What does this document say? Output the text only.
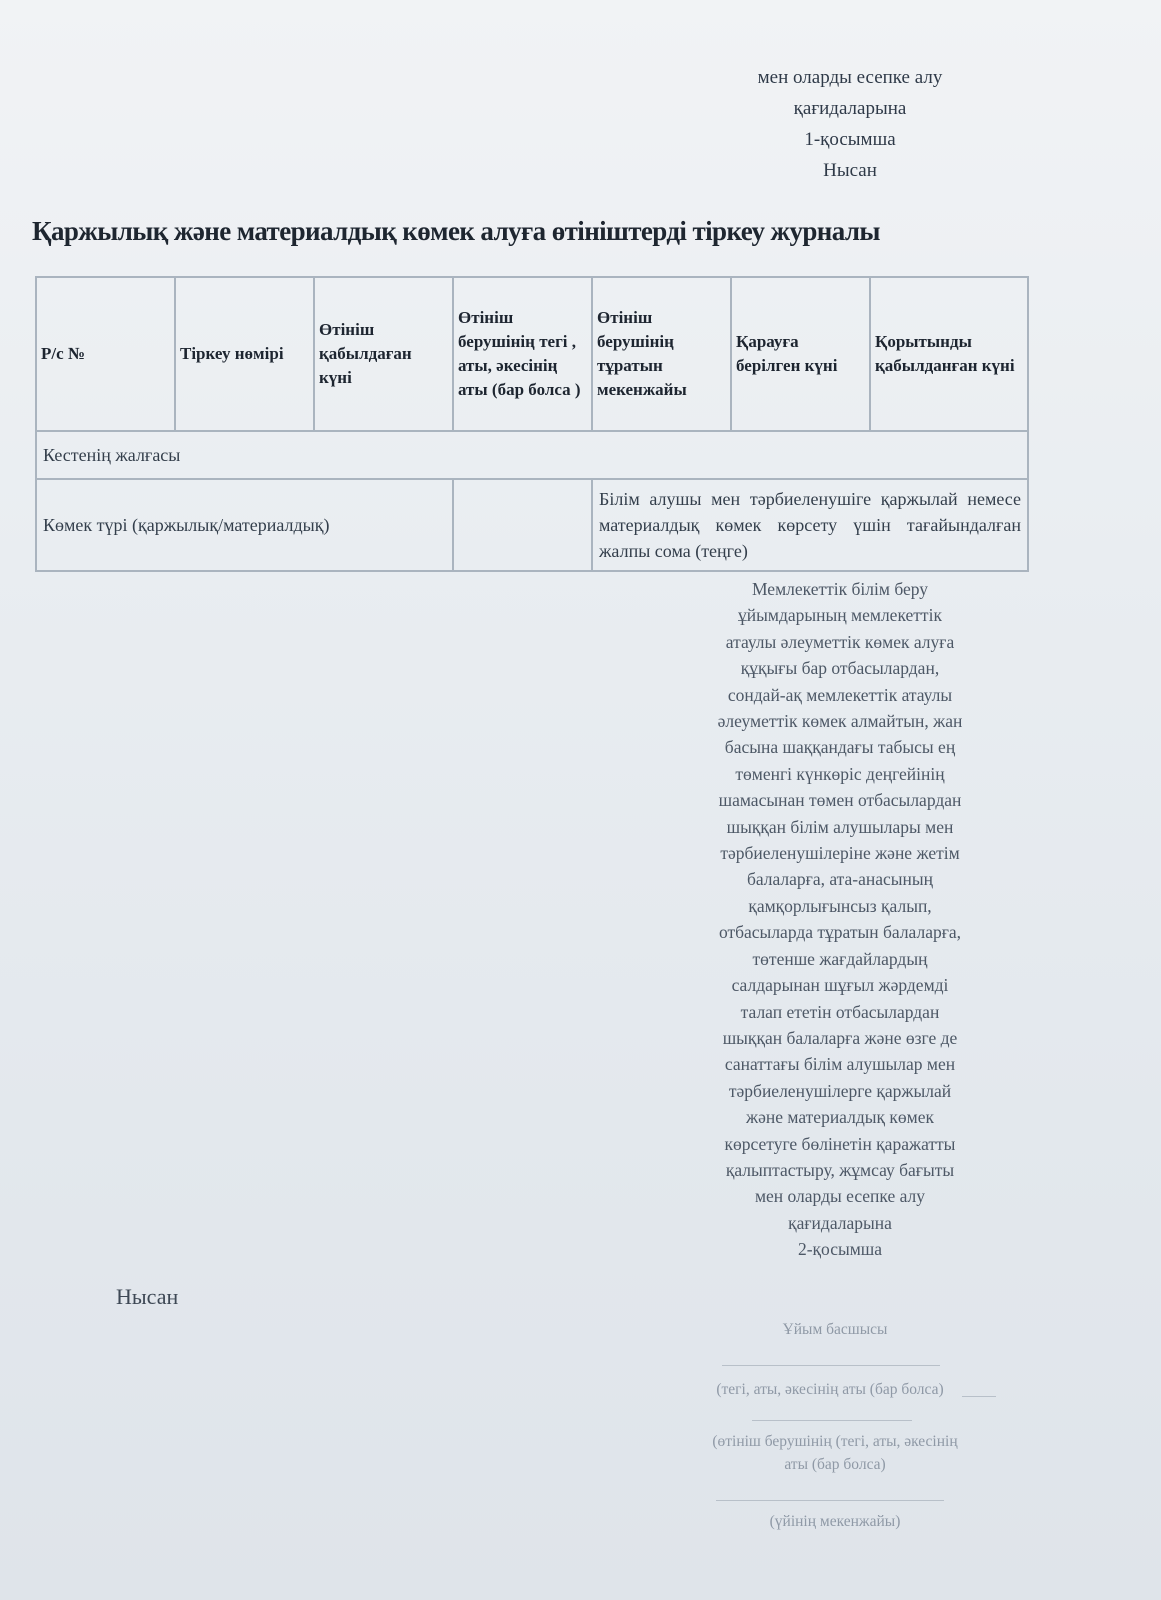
мен оларды есепке алу
қағидаларына
1-қосымша
Нысан
Қаржылық және материалдық көмек алуға өтініштерді тіркеу журналы
Р/с №	Тіркеу нөмірі	Өтініш қабылдаған күні	Өтініш берушінің тегі , аты, әкесінің аты (бар болса )	Өтініш берушінің тұратын мекенжайы	Қарауға берілген күні	Қорытынды қабылданған күні
Кестенің жалғасы						
Көмек түрі (қаржылық/материалдық)				Білім алушы мен тәрбиеленушіге қаржылай немесе материалдық көмек көрсету үшін тағайындалған жалпы сома (теңге)		
Мемлекеттік білім беру
ұйымдарының мемлекеттік
атаулы әлеуметтік көмек алуға
құқығы бар отбасылардан,
сондай-ақ мемлекеттік атаулы
әлеуметтік көмек алмайтын, жан
басына шаққандағы табысы ең
төменгі күнкөріс деңгейінің
шамасынан төмен отбасылардан
шыққан білім алушылары мен
тәрбиеленушілеріне және жетім
балаларға, ата-анасының
қамқорлығынсыз қалып,
отбасыларда тұратын балаларға,
төтенше жағдайлардың
салдарынан шұғыл жәрдемді
талап ететін отбасылардан
шыққан балаларға және өзге де
санаттағы білім алушылар мен
тәрбиеленушілерге қаржылай
және материалдық көмек
көрсетуге бөлінетін қаражатты
қалыптастыру, жұмсау бағыты
мен оларды есепке алу
қағидаларына
2-қосымша
Нысан
Ұйым басшысы
(тегі, аты, әкесінің аты (бар болса)
(өтініш берушінің (тегі, аты, әкесінің аты (бар болса)
(үйінің мекенжайы)
